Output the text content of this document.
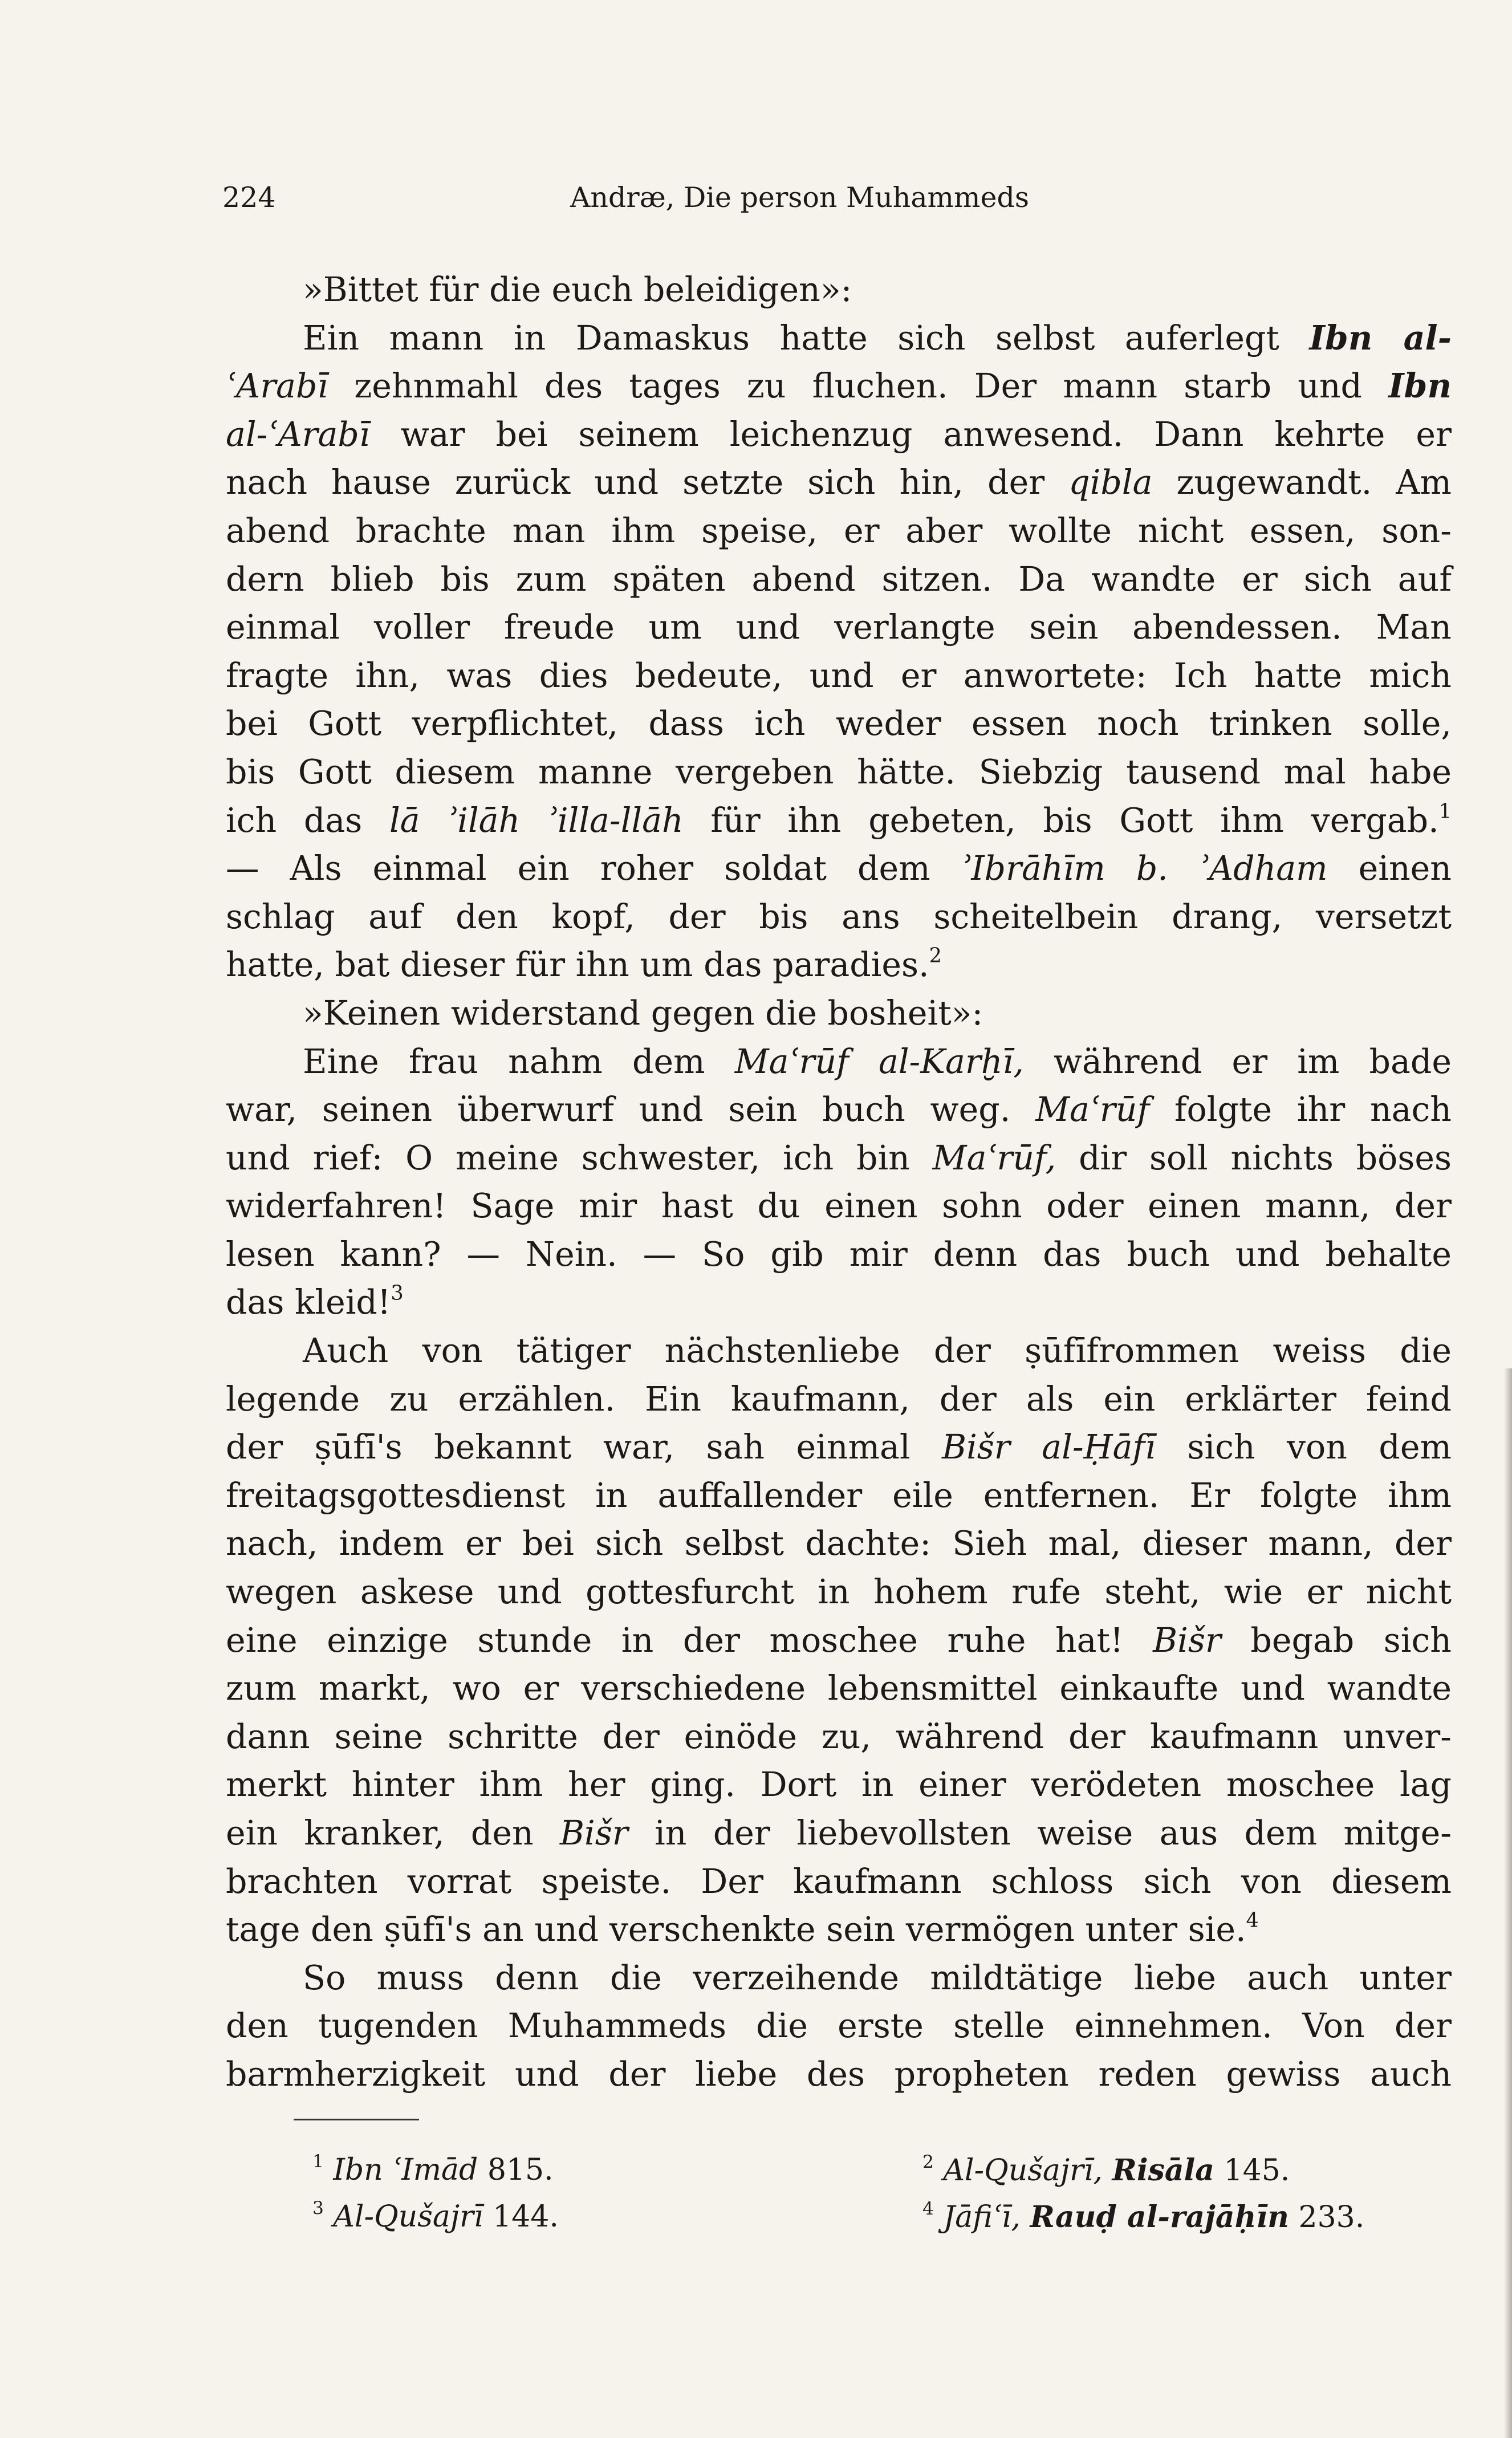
224	Andræ, Die person Muhammeds
»Bittet für die euch beleidigen»:
Ein mann in Damaskus hatte sich selbst auferlegt Ibn al-
ʿArabī zehnmahl des tages zu fluchen. Der mann starb und Ibn
al-ʿArabī war bei seinem leichenzug anwesend. Dann kehrte er
nach hause zurück und setzte sich hin, der qibla zugewandt. Am
abend brachte man ihm speise, er aber wollte nicht essen, son-
dern blieb bis zum späten abend sitzen. Da wandte er sich auf
einmal voller freude um und verlangte sein abendessen. Man
fragte ihn, was dies bedeute, und er anwortete: Ich hatte mich
bei Gott verpflichtet, dass ich weder essen noch trinken solle,
bis Gott diesem manne vergeben hätte. Siebzig tausend mal habe
ich das lā ʾilāh ʾilla-llāh für ihn gebeten, bis Gott ihm vergab.$^1$
— Als einmal ein roher soldat dem ʾIbrāhīm b. ʾAdham einen
schlag auf den kopf, der bis ans scheitelbein drang, versetzt
hatte, bat dieser für ihn um das paradies.$^2$
»Keinen widerstand gegen die bosheit»:
Eine frau nahm dem Maʿrūf al-Karḫī, während er im bade
war, seinen überwurf und sein buch weg. Maʿrūf folgte ihr nach
und rief: O meine schwester, ich bin Maʿrūf, dir soll nichts böses
widerfahren! Sage mir hast du einen sohn oder einen mann, der
lesen kann? — Nein. — So gib mir denn das buch und behalte
das kleid!$^3$
Auch von tätiger nächstenliebe der ṣūfīfrommen weiss die
legende zu erzählen. Ein kaufmann, der als ein erklärter feind
der ṣūfī's bekannt war, sah einmal Bišr al-Ḥāfī sich von dem
freitagsgottesdienst in auffallender eile entfernen. Er folgte ihm
nach, indem er bei sich selbst dachte: Sieh mal, dieser mann, der
wegen askese und gottesfurcht in hohem rufe steht, wie er nicht
eine einzige stunde in der moschee ruhe hat! Bišr begab sich
zum markt, wo er verschiedene lebensmittel einkaufte und wandte
dann seine schritte der einöde zu, während der kaufmann unver-
merkt hinter ihm her ging. Dort in einer verödeten moschee lag
ein kranker, den Bišr in der liebevollsten weise aus dem mitge-
brachten vorrat speiste. Der kaufmann schloss sich von diesem
tage den ṣūfī's an und verschenkte sein vermögen unter sie.$^4$
So muss denn die verzeihende mildtätige liebe auch unter
den tugenden Muhammeds die erste stelle einnehmen. Von der
barmherzigkeit und der liebe des propheten reden gewiss auch
$^1$ Ibn ʿImād 815.	$^2$ Al-Qušajrī, Risāla 145.
$^3$ Al-Qušajrī 144.	$^4$ Jāfiʿī, Rauḍ al-rajāḥīn 233.
